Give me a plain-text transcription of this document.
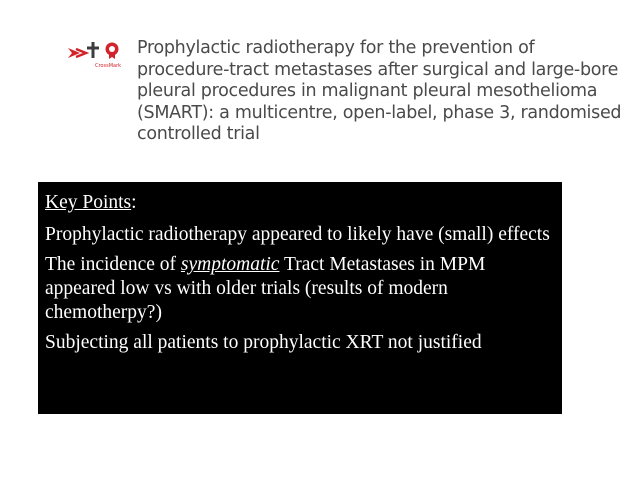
CrossMark
Prophylactic radiotherapy for the prevention of
procedure-tract metastases after surgical and large-bore
pleural procedures in malignant pleural mesothelioma
(SMART): a multicentre, open-label, phase 3, randomised
controlled trial
Key Points:
Prophylactic radiotherapy appeared to likely have (small) effects
The incidence of symptomatic Tract Metastases in MPM appeared low vs with older trials (results of modern chemotherpy?)
Subjecting all patients to prophylactic XRT not justified
